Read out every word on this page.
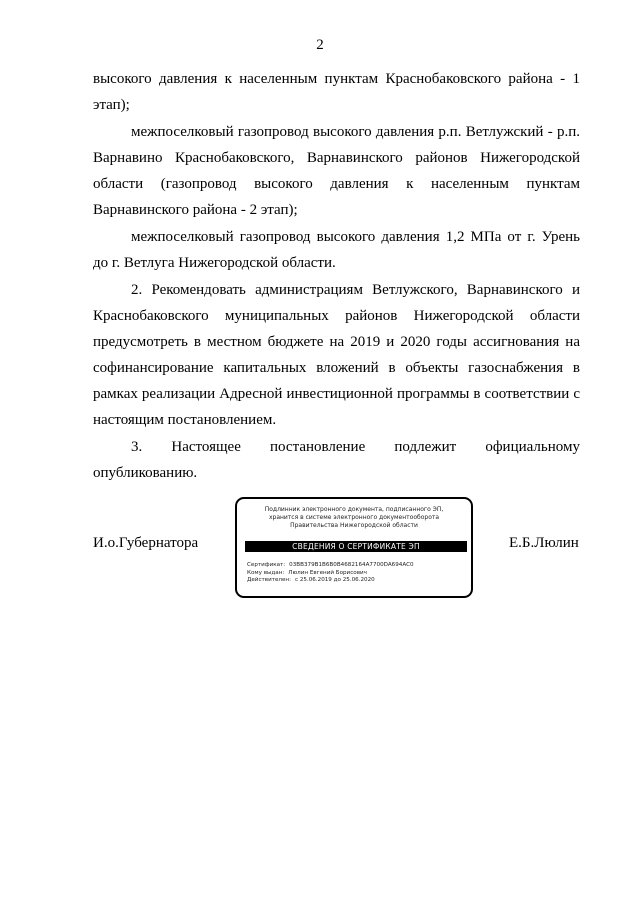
2

высокого давления к населенным пунктам Краснобаковского района - 1 этап);

межпоселковый газопровод высокого давления р.п. Ветлужский - р.п. Варнавино Краснобаковского, Варнавинского районов Нижегородской области (газопровод высокого давления к населенным пунктам Варнавинского района - 2 этап);

межпоселковый газопровод высокого давления 1,2 МПа от г. Урень до г. Ветлуга Нижегородской области.

2. Рекомендовать администрациям Ветлужского, Варнавинского и Краснобаковского муниципальных районов Нижегородской области предусмотреть в местном бюджете на 2019 и 2020 годы ассигнования на софинансирование капитальных вложений в объекты газоснабжения в рамках реализации Адресной инвестиционной программы в соответствии с настоящим постановлением.

3. Настоящее постановление подлежит официальному опубликованию.

И.о.Губернатора
Подлинник электронного документа, подписанного ЭП,
хранится в системе электронного документооборота
Правительства Нижегородской области
СВЕДЕНИЯ О СЕРТИФИКАТЕ ЭП
Сертификат: 03BB379B1B6B0B4682164A7700DA694AC0
Кому выдан: Люлин Евгений Борисович
Действителен: с 25.06.2019 до 25.06.2020
Е.Б.Люлин
